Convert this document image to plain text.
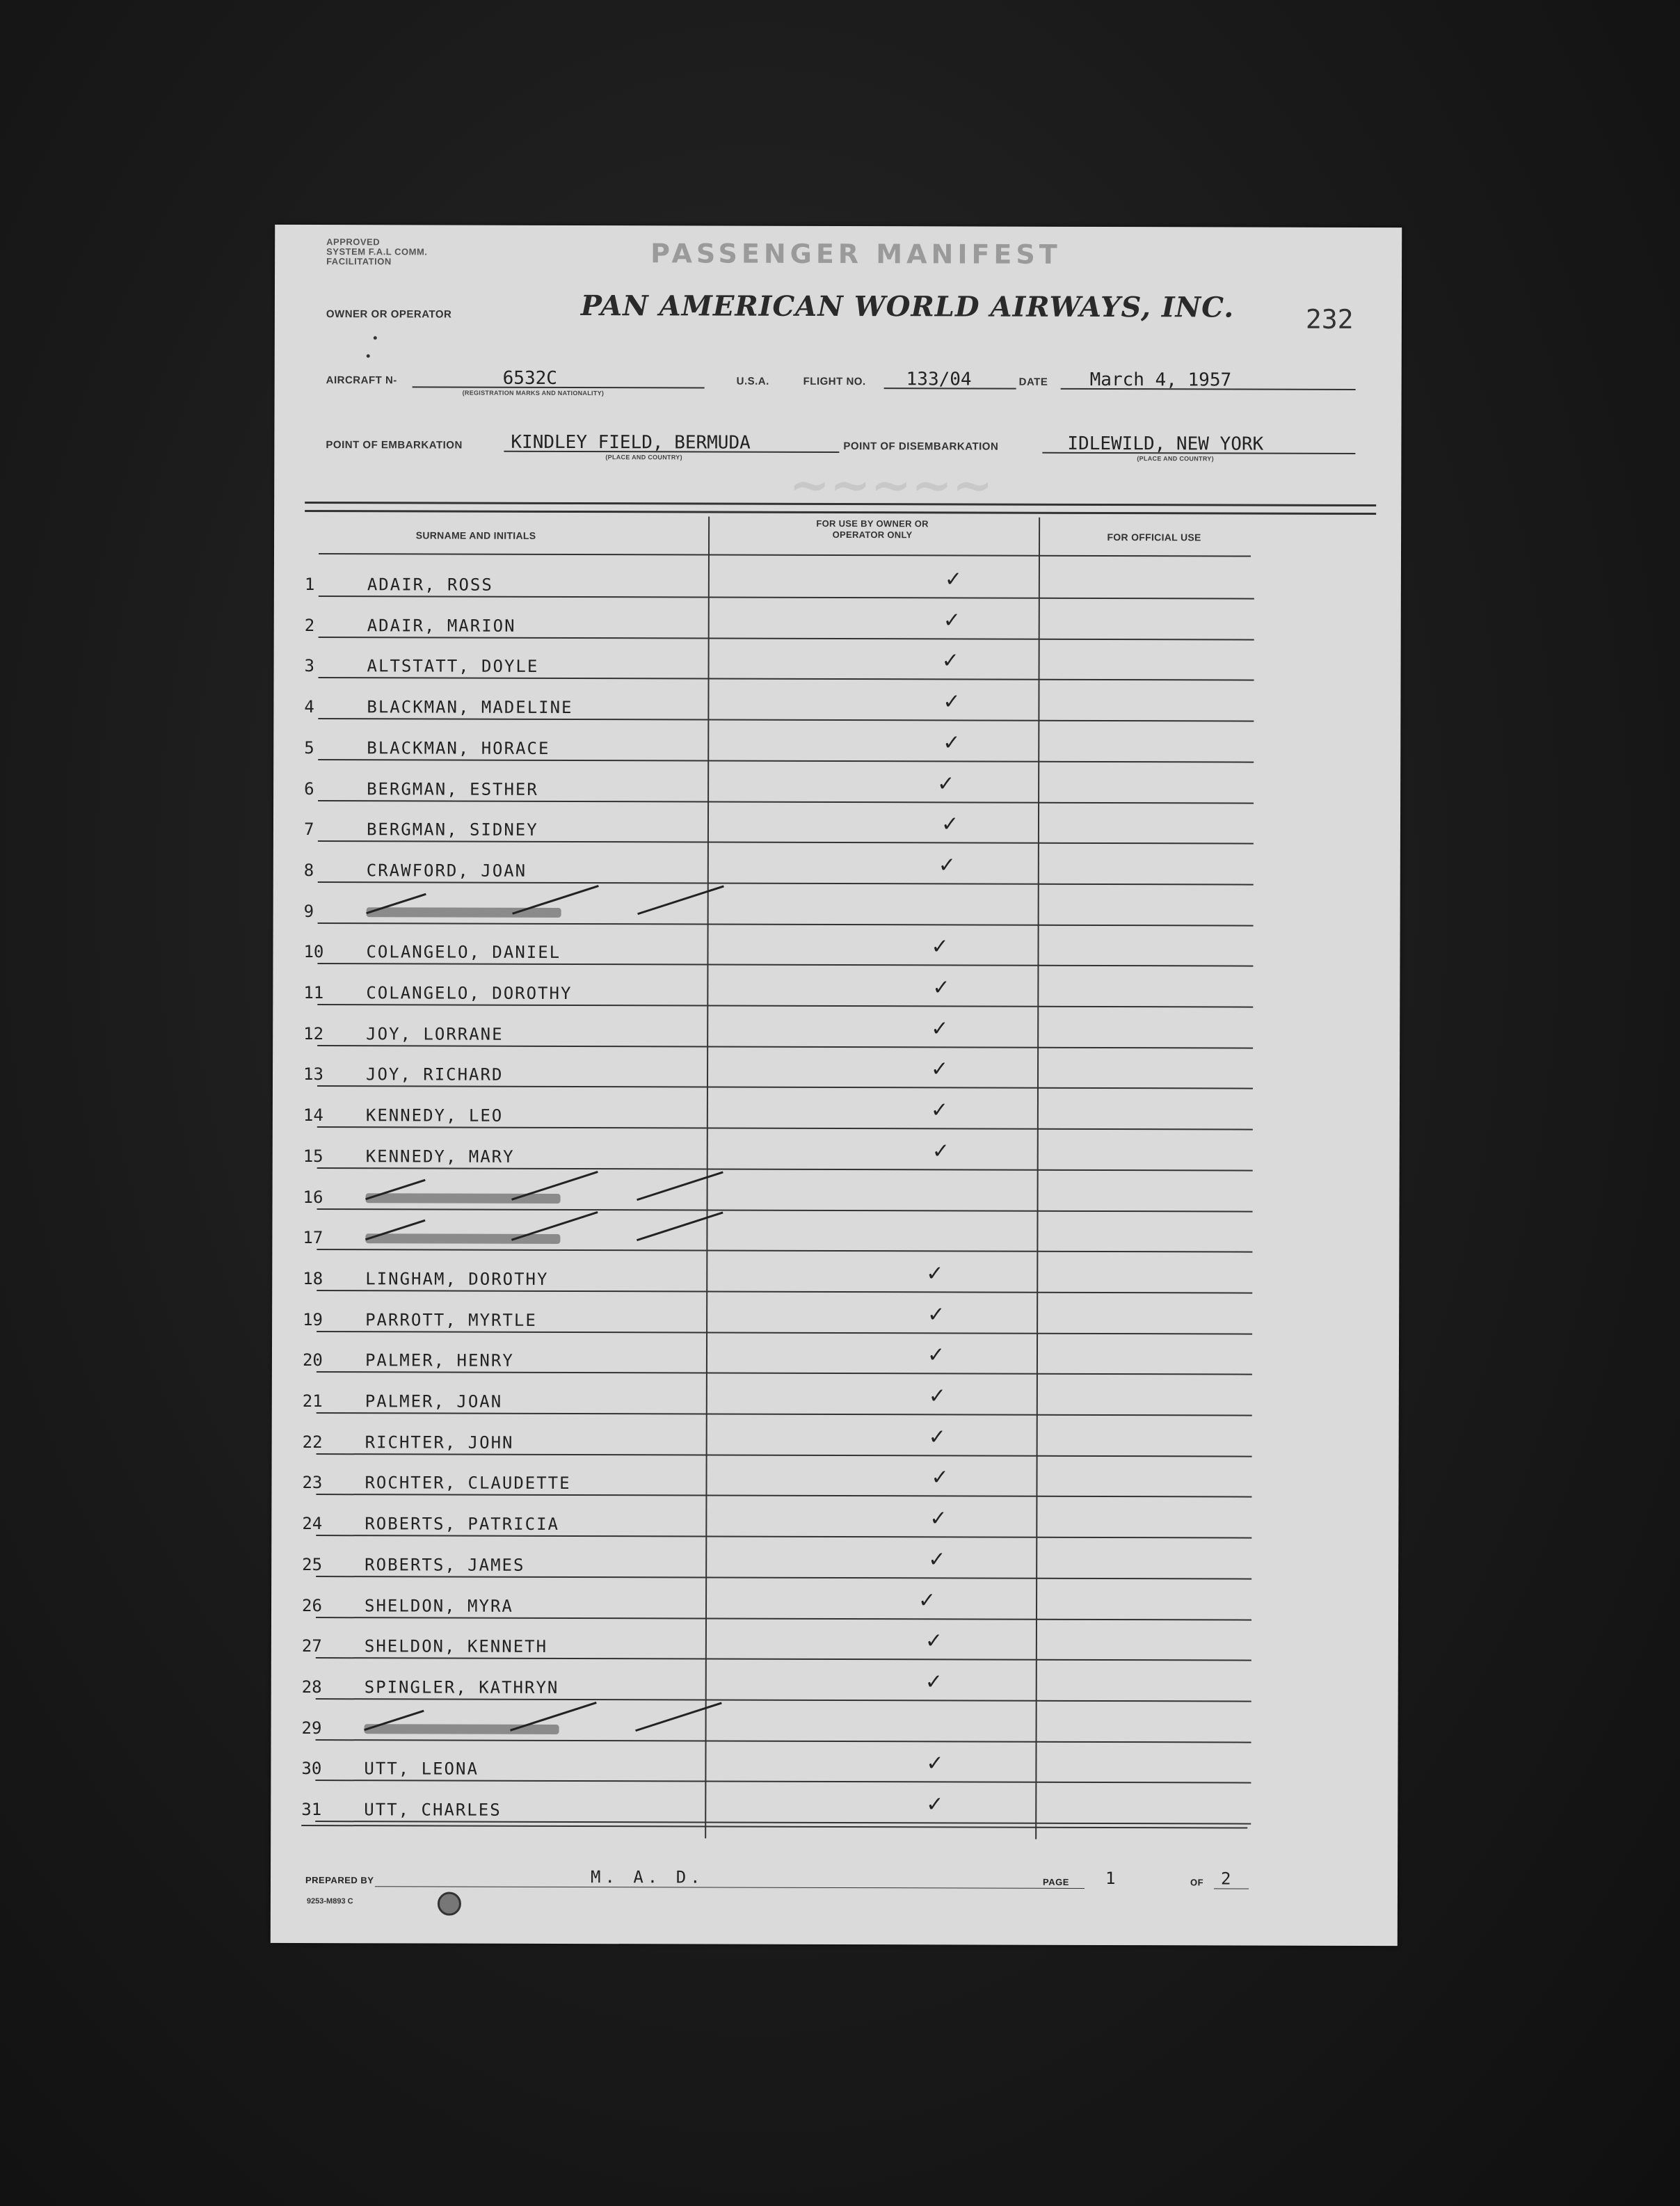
APPROVED
SYSTEM F.A.L COMM.
FACILITATION	PASSENGER MANIFEST
OWNER OR OPERATOR	PAN AMERICAN WORLD AIRWAYS, INC.	232
AIRCRAFT N-	6532C
(REGISTRATION MARKS AND NATIONALITY)
U.S.A.	FLIGHT NO. 133/04	DATE March 4, 1957
POINT OF EMBARKATION	KINDLEY FIELD, BERMUDA
(PLACE AND COUNTRY)
POINT OF DISEMBARKATION	IDLEWILD, NEW YORK
(PLACE AND COUNTRY)
SURNAME AND INITIALS
FOR USE BY OWNER OR OPERATOR ONLY	FOR OFFICIAL USE
~~~~~
1	ADAIR, ROSS	✓
2	ADAIR, MARION	✓
3	ALTSTATT, DOYLE	✓
4	BLACKMAN, MADELINE	✓
5	BLACKMAN, HORACE	✓
6	BERGMAN, ESTHER	✓
7	BERGMAN, SIDNEY	✓
8	CRAWFORD, JOAN	✓
9
10	COLANGELO, DANIEL	✓
11	COLANGELO, DOROTHY	✓
12	JOY, LORRANE	✓
13	JOY, RICHARD	✓
14	KENNEDY, LEO	✓
15	KENNEDY, MARY	✓
16
17
18	LINGHAM, DOROTHY	✓
19	PARROTT, MYRTLE	✓
20	PALMER, HENRY	✓
21	PALMER, JOAN	✓
22	RICHTER, JOHN	✓
23	ROCHTER, CLAUDETTE	✓
24	ROBERTS, PATRICIA	✓
25	ROBERTS, JAMES	✓
26	SHELDON, MYRA	✓
27	SHELDON, KENNETH	✓
28	SPINGLER, KATHRYN	✓
29
30	UTT, LEONA	✓
31	UTT, CHARLES	✓
PREPARED BY	M. A. D.	PAGE 1	OF 2
9253-M893 C
